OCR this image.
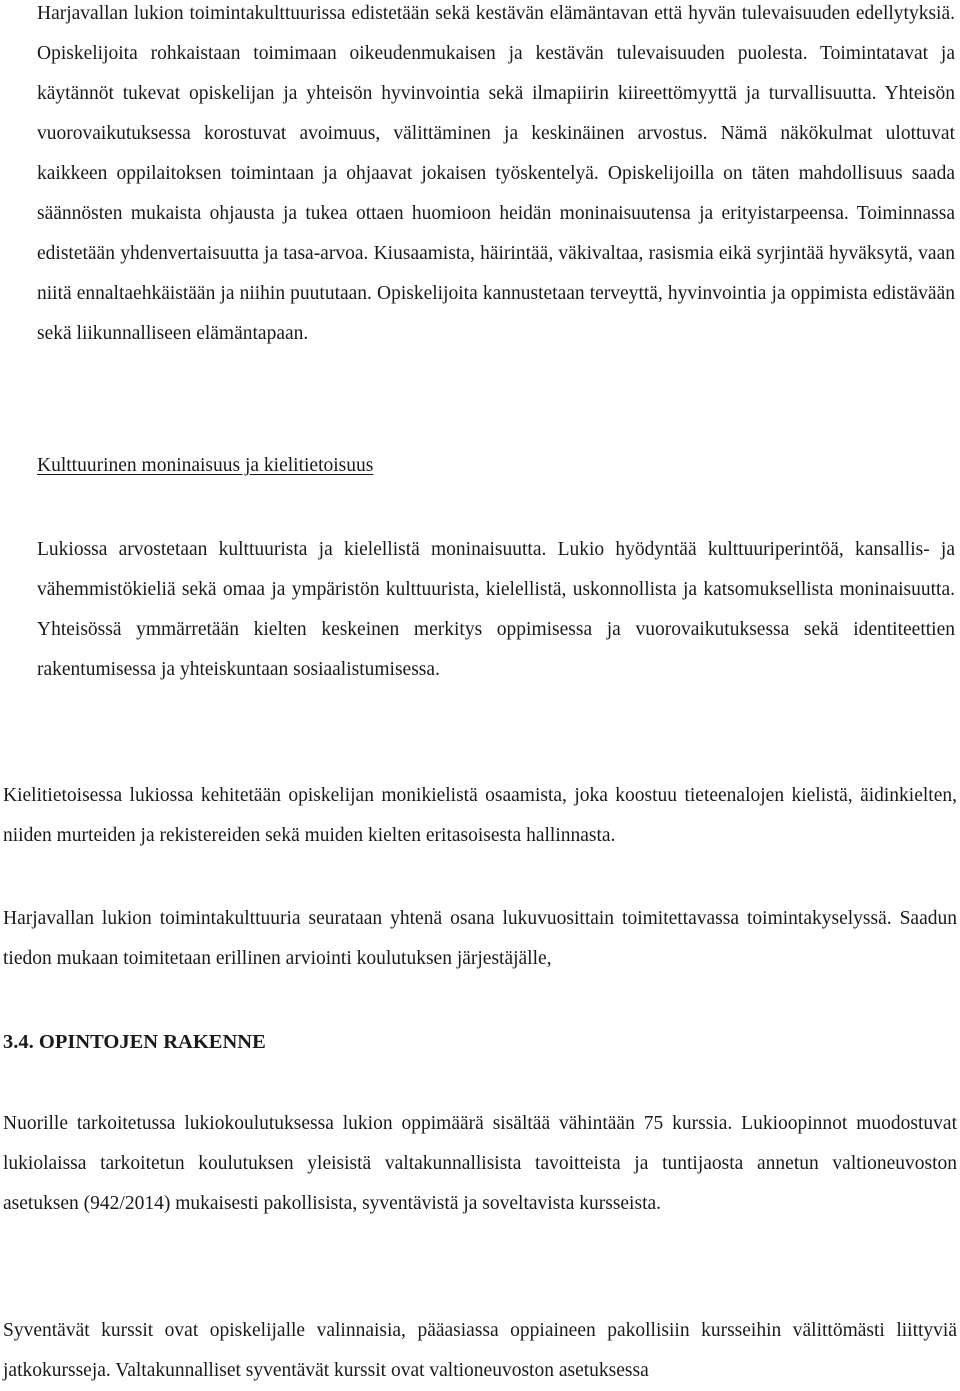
Harjavallan lukion toimintakulttuurissa edistetään sekä kestävän elämäntavan että hyvän tulevaisuuden edellytyksiä. Opiskelijoita rohkaistaan toimimaan oikeudenmukaisen ja kestävän tulevaisuuden puolesta. Toimintatavat ja käytännöt tukevat opiskelijan ja yhteisön hyvinvointia sekä ilmapiirin kiireettömyyttä ja turvallisuutta. Yhteisön vuorovaikutuksessa korostuvat avoimuus, välittäminen ja keskinäinen arvostus. Nämä näkökulmat ulottuvat kaikkeen oppilaitoksen toimintaan ja ohjaavat jokaisen työskentelyä. Opiskelijoilla on täten mahdollisuus saada säännösten mukaista ohjausta ja tukea ottaen huomioon heidän moninaisuutensa ja erityistarpeensa. Toiminnassa edistetään yhdenvertaisuutta ja tasa-arvoa. Kiusaamista, häirintää, väkivaltaa, rasismia eikä syrjintää hyväksytä, vaan niitä ennaltaehkäistään ja niihin puututaan. Opiskelijoita kannustetaan terveyttä, hyvinvointia ja oppimista edistävään sekä liikunnalliseen elämäntapaan.

Kulttuurinen moninaisuus ja kielitietoisuus

Lukiossa arvostetaan kulttuurista ja kielellistä moninaisuutta. Lukio hyödyntää kulttuuriperintöä, kansallis- ja vähemmistökieliä sekä omaa ja ympäristön kulttuurista, kielellistä, uskonnollista ja katsomuksellista moninaisuutta. Yhteisössä ymmärretään kielten keskeinen merkitys oppimisessa ja vuorovaikutuksessa sekä identiteettien rakentumisessa ja yhteiskuntaan sosiaalistumisessa.

Kielitietoisessa lukiossa kehitetään opiskelijan monikielistä osaamista, joka koostuu tieteenalojen kielistä, äidinkielten, niiden murteiden ja rekistereiden sekä muiden kielten eritasoisesta hallinnasta.

Harjavallan lukion toimintakulttuuria seurataan yhtenä osana lukuvuosittain toimitettavassa toimintakyselyssä. Saadun tiedon mukaan toimitetaan erillinen arviointi koulutuksen järjestäjälle,

3.4. OPINTOJEN RAKENNE

Nuorille tarkoitetussa lukiokoulutuksessa lukion oppimäärä sisältää vähintään 75 kurssia. Lukioopinnot muodostuvat lukiolaissa tarkoitetun koulutuksen yleisistä valtakunnallisista tavoitteista ja tuntijaosta annetun valtioneuvoston asetuksen (942/2014) mukaisesti pakollisista, syventävistä ja soveltavista kursseista.

Syventävät kurssit ovat opiskelijalle valinnaisia, pääasiassa oppiaineen pakollisiin kursseihin välittömästi liittyviä jatkokursseja. Valtakunnalliset syventävät kurssit ovat valtioneuvoston asetuksessa
